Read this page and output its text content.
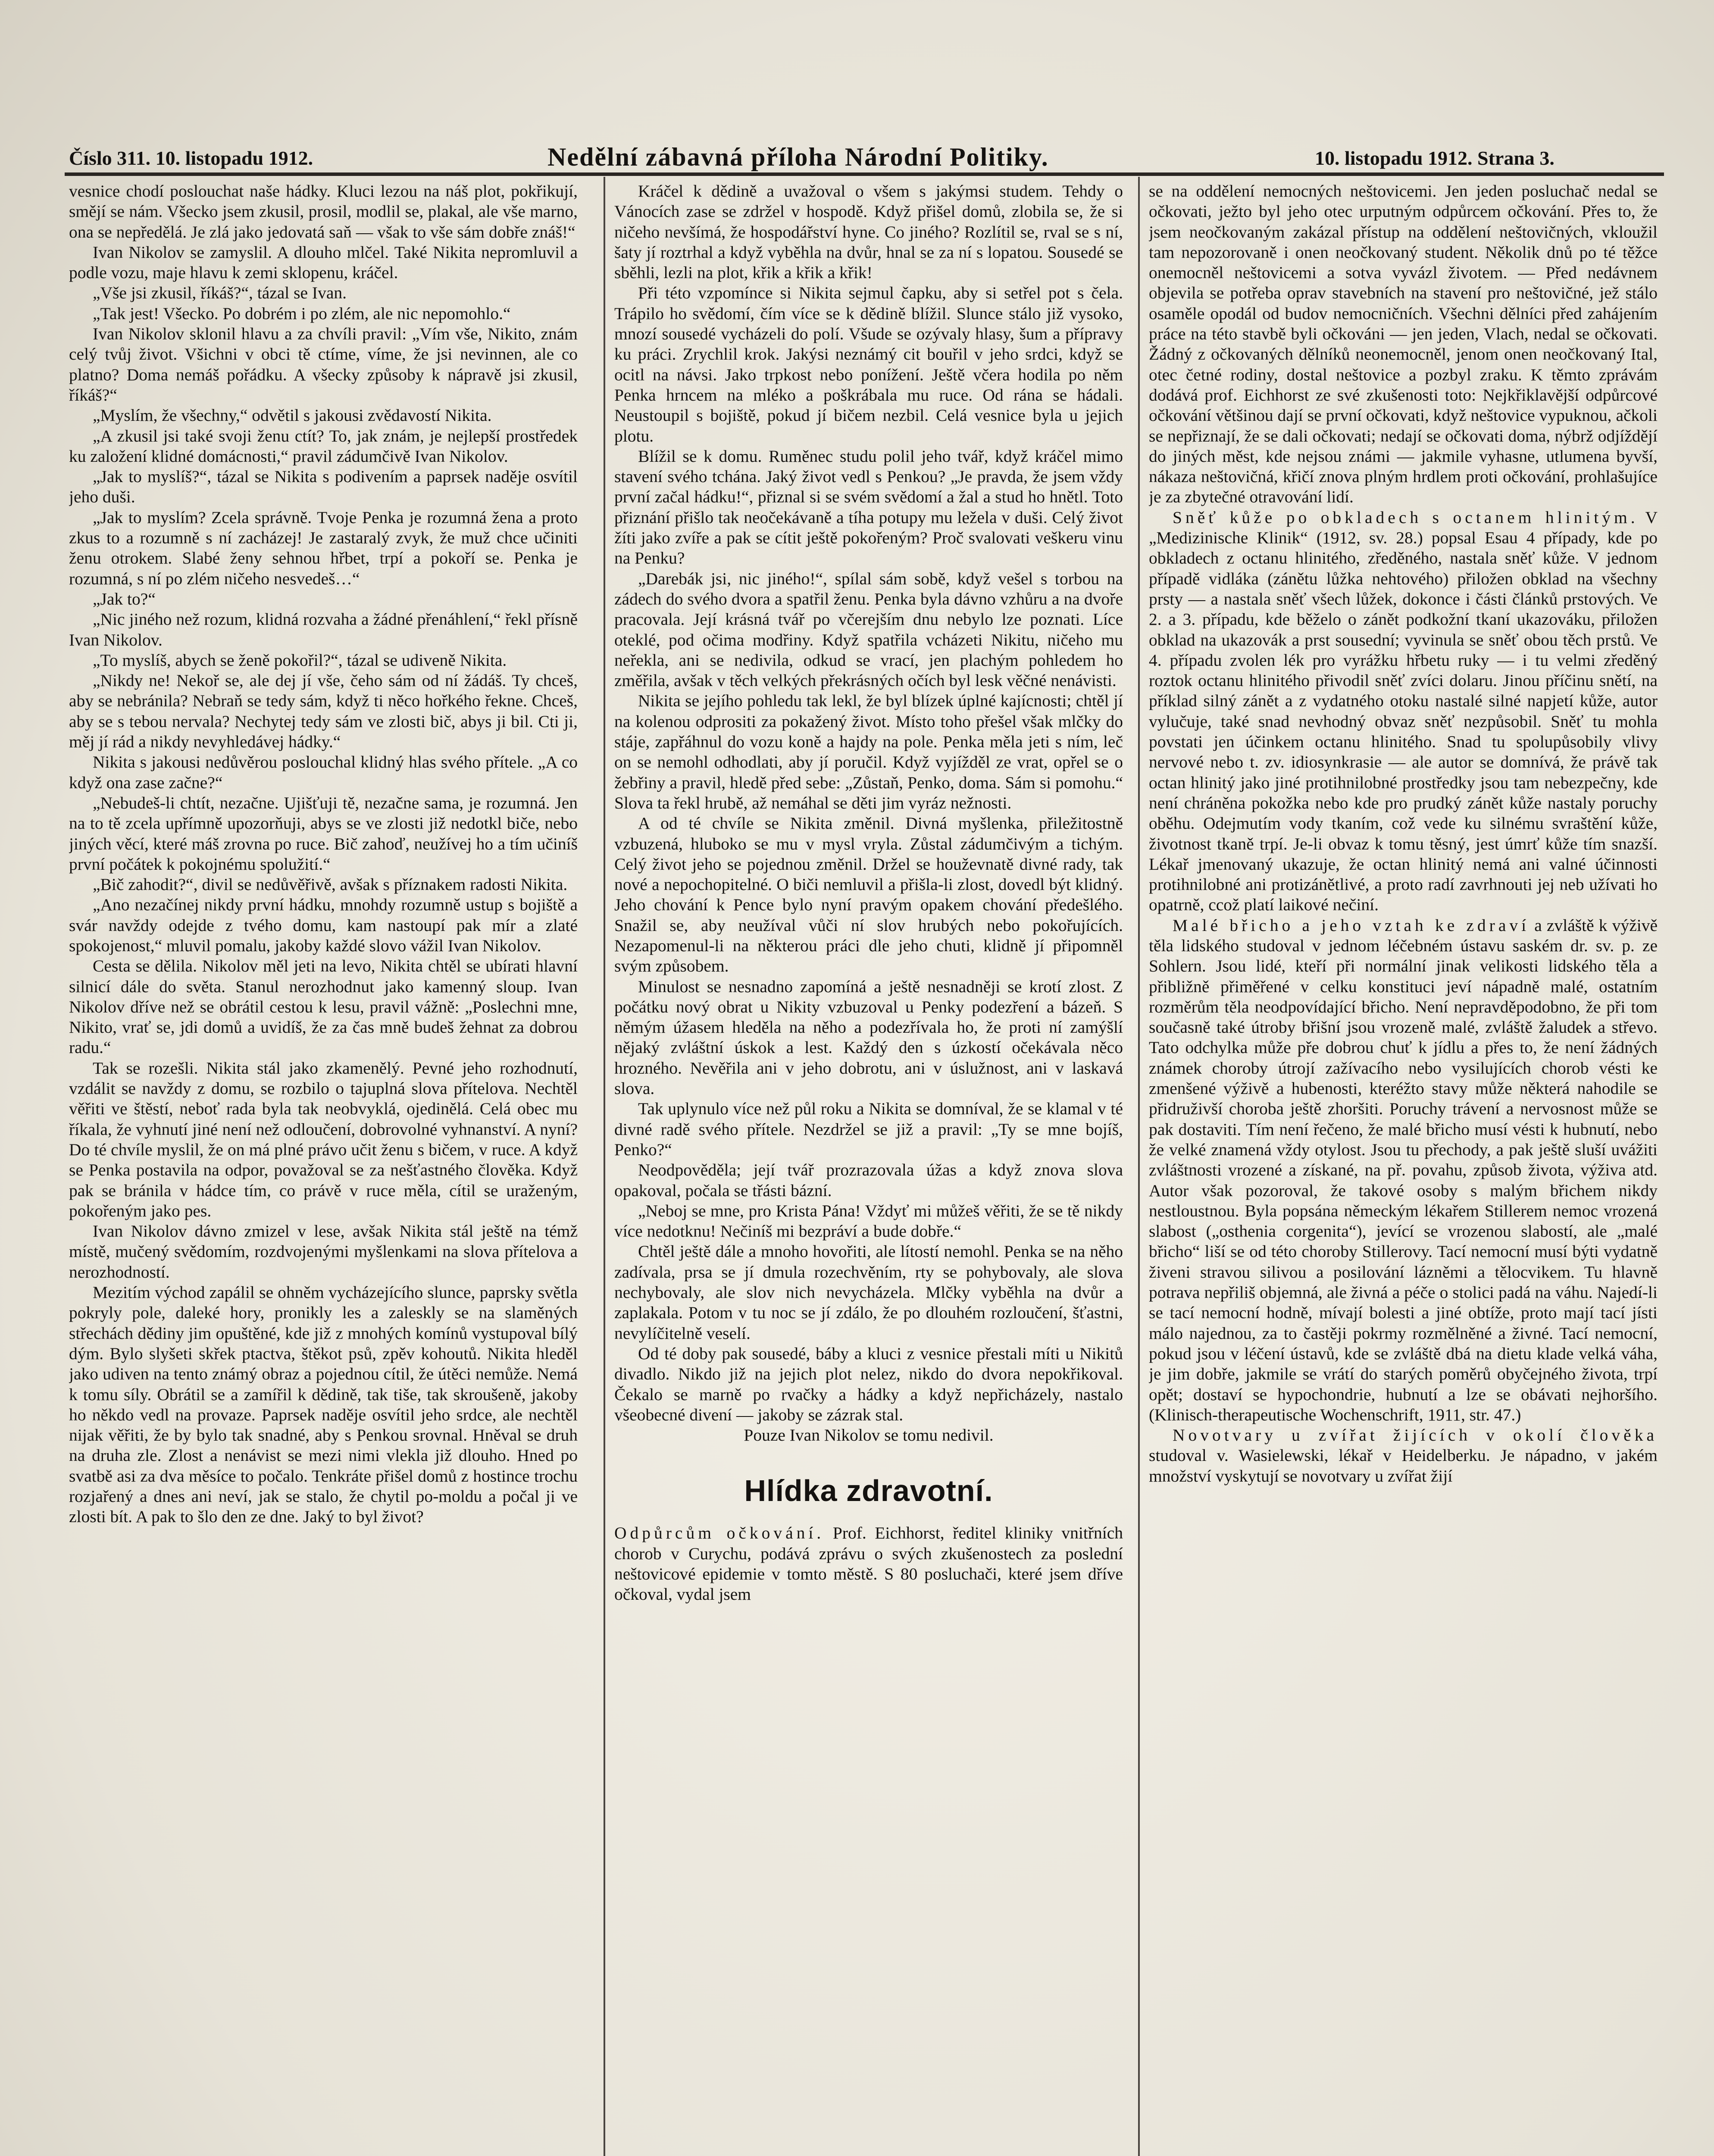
Číslo 311. 10. listopadu 1912.	Nedělní zábavná příloha Národní Politiky.	10. listopadu 1912. Strana 3.

vesnice chodí poslouchat naše hádky. Kluci lezou na náš plot, pokřikují, smějí se nám. Všecko jsem zkusil, prosil, modlil se, plakal, ale vše marno, ona se nepředělá. Je zlá jako jedovatá saň — však to vše sám dobře znáš!“

Ivan Nikolov se zamyslil. A dlouho mlčel. Také Nikita nepromluvil a podle vozu, maje hlavu k zemi sklopenu, kráčel.

„Vše jsi zkusil, říkáš?“, tázal se Ivan.

„Tak jest! Všecko. Po dobrém i po zlém, ale nic nepomohlo.“

Ivan Nikolov sklonil hlavu a za chvíli pravil: „Vím vše, Nikito, znám celý tvůj život. Všichni v obci tě ctíme, víme, že jsi nevinnen, ale co platno? Doma nemáš pořádku. A všecky způsoby k nápravě jsi zkusil, říkáš?“

„Myslím, že všechny,“ odvětil s jakousi zvědavostí Nikita.

„A zkusil jsi také svoji ženu ctít? To, jak znám, je nejlepší prostředek ku založení klidné domácnosti,“ pravil zádumčivě Ivan Nikolov.

„Jak to myslíš?“, tázal se Nikita s podivením a paprsek naděje osvítil jeho duši.

„Jak to myslím? Zcela správně. Tvoje Penka je rozumná žena a proto zkus to a rozumně s ní zacházej! Je zastaralý zvyk, že muž chce učiniti ženu otrokem. Slabé ženy sehnou hřbet, trpí a pokoří se. Penka je rozumná, s ní po zlém ničeho nesvedeš…“

„Jak to?“

„Nic jiného než rozum, klidná rozvaha a žádné přenáhlení,“ řekl přísně Ivan Nikolov.

„To myslíš, abych se ženě pokořil?“, tázal se udiveně Nikita.

„Nikdy ne! Nekoř se, ale dej jí vše, čeho sám od ní žádáš. Ty chceš, aby se nebránila? Nebraň se tedy sám, když ti něco hořkého řekne. Chceš, aby se s tebou nervala? Nechytej tedy sám ve zlosti bič, abys ji bil. Cti ji, měj jí rád a nikdy nevyhledávej hádky.“

Nikita s jakousi nedůvěrou poslouchal klidný hlas svého přítele. „A co když ona zase začne?“

„Nebudeš-li chtít, nezačne. Ujišťuji tě, nezačne sama, je rozumná. Jen na to tě zcela upřímně upozorňuji, abys se ve zlosti již nedotkl biče, nebo jiných věcí, které máš zrovna po ruce. Bič zahoď, neužívej ho a tím učiníš první počátek k pokojnému spolužití.“

„Bič zahodit?“, divil se nedůvěřivě, avšak s příznakem radosti Nikita.

„Ano nezačínej nikdy první hádku, mnohdy rozumně ustup s bojiště a svár navždy odejde z tvého domu, kam nastoupí pak mír a zlaté spokojenost,“ mluvil pomalu, jakoby každé slovo vážil Ivan Nikolov.

Cesta se dělila. Nikolov měl jeti na levo, Nikita chtěl se ubírati hlavní silnicí dále do světa. Stanul nerozhodnut jako kamenný sloup. Ivan Nikolov dříve než se obrátil cestou k lesu, pravil vážně: „Poslechni mne, Nikito, vrať se, jdi domů a uvidíš, že za čas mně budeš žehnat za dobrou radu.“

Tak se rozešli. Nikita stál jako zkamenělý. Pevné jeho rozhodnutí, vzdálit se navždy z domu, se rozbilo o tajuplná slova přítelova. Nechtěl věřiti ve štěstí, neboť rada byla tak neobvyklá, ojedinělá. Celá obec mu říkala, že vyhnutí jiné není než odloučení, dobrovolné vyhnanství. A nyní? Do té chvíle myslil, že on má plné právo učit ženu s bičem, v ruce. A když se Penka postavila na odpor, považoval se za nešťastného člověka. Když pak se bránila v hádce tím, co právě v ruce měla, cítil se uraženým, pokořeným jako pes.

Ivan Nikolov dávno zmizel v lese, avšak Nikita stál ještě na témž místě, mučený svědomím, rozdvojenými myšlenkami na slova přítelova a nerozhodností.

Mezitím východ zapálil se ohněm vycházejícího slunce, paprsky světla pokryly pole, daleké hory, pronikly les a zaleskly se na slaměných střechách dědiny jim opuštěné, kde již z mnohých komínů vystupoval bílý dým. Bylo slyšeti skřek ptactva, štěkot psů, zpěv kohoutů. Nikita hleděl jako udiven na tento známý obraz a pojednou cítil, že útěci nemůže. Nemá k tomu síly. Obrátil se a zamířil k dědině, tak tiše, tak skroušeně, jakoby ho někdo vedl na provaze. Paprsek naděje osvítil jeho srdce, ale nechtěl nijak věřiti, že by bylo tak snadné, aby s Penkou srovnal. Hněval se druh na druha zle. Zlost a nenávist se mezi nimi vlekla již dlouho. Hned po svatbě asi za dva měsíce to počalo. Tenkráte přišel domů z hostince trochu rozjařený a dnes ani neví, jak se stalo, že chytil po-moldu a počal ji ve zlosti bít. A pak to šlo den ze dne. Jaký to byl život?

Kráčel k dědině a uvažoval o všem s jakýmsi studem. Tehdy o Vánocích zase se zdržel v hospodě. Když přišel domů, zlobila se, že si ničeho nevšímá, že hospodářství hyne. Co jiného? Rozlítil se, rval se s ní, šaty jí roztrhal a když vyběhla na dvůr, hnal se za ní s lopatou. Sousedé se sběhli, lezli na plot, křik a křik a křik!

Při této vzpomínce si Nikita sejmul čapku, aby si setřel pot s čela. Trápilo ho svědomí, čím více se k dědině blížil. Slunce stálo již vysoko, mnozí sousedé vycházeli do polí. Všude se ozývaly hlasy, šum a přípravy ku práci. Zrychlil krok. Jakýsi neznámý cit bouřil v jeho srdci, když se ocitl na návsi. Jako trpkost nebo ponížení. Ještě včera hodila po něm Penka hrncem na mléko a poškrábala mu ruce. Od rána se hádali. Neustoupil s bojiště, pokud jí bičem nezbil. Celá vesnice byla u jejich plotu.

Blížil se k domu. Ruměnec studu polil jeho tvář, když kráčel mimo stavení svého tchána. Jaký život vedl s Penkou? „Je pravda, že jsem vždy první začal hádku!“, přiznal si se svém svědomí a žal a stud ho hnětl. Toto přiznání přišlo tak neočekávaně a tíha potupy mu ležela v duši. Celý život žíti jako zvíře a pak se cítit ještě pokořeným? Proč svalovati veškeru vinu na Penku?

„Darebák jsi, nic jiného!“, spílal sám sobě, když vešel s torbou na zádech do svého dvora a spatřil ženu. Penka byla dávno vzhůru a na dvoře pracovala. Její krásná tvář po včerejším dnu nebylo lze poznati. Líce oteklé, pod očima modřiny. Když spatřila vcházeti Nikitu, ničeho mu neřekla, ani se nedivila, odkud se vrací, jen plachým pohledem ho změřila, avšak v těch velkých překrásných očích byl lesk věčné nenávisti.

Nikita se jejího pohledu tak lekl, že byl blízek úplné kajícnosti; chtěl jí na kolenou odprositi za pokažený život. Místo toho přešel však mlčky do stáje, zapřáhnul do vozu koně a hajdy na pole. Penka měla jeti s ním, leč on se nemohl odhodlati, aby jí poručil. Když vyjížděl ze vrat, opřel se o žebřiny a pravil, hledě před sebe: „Zůstaň, Penko, doma. Sám si pomohu.“ Slova ta řekl hrubě, až nemáhal se děti jim vyráz nežnosti.

A od té chvíle se Nikita změnil. Divná myšlenka, přiležitostně vzbuzená, hluboko se mu v mysl vryla. Zůstal zádumčivým a tichým. Celý život jeho se pojednou změnil. Držel se houževnatě divné rady, tak nové a nepochopitelné. O biči nemluvil a přišla-li zlost, dovedl být klidný. Jeho chování k Pence bylo nyní pravým opakem chování předešlého. Snažil se, aby neužíval vůči ní slov hrubých nebo pokořujících. Nezapomenul-li na některou práci dle jeho chuti, klidně jí připomněl svým způsobem.

Minulost se nesnadno zapomíná a ještě nesnadněji se krotí zlost. Z počátku nový obrat u Nikity vzbuzoval u Penky podezření a bázeň. S němým úžasem hleděla na něho a podezřívala ho, že proti ní zamýšlí nějaký zvláštní úskok a lest. Každý den s úzkostí očekávala něco hrozného. Nevěřila ani v jeho dobrotu, ani v úslužnost, ani v laskavá slova.

Tak uplynulo více než půl roku a Nikita se domníval, že se klamal v té divné radě svého přítele. Nezdržel se již a pravil: „Ty se mne bojíš, Penko?“

Neodpověděla; její tvář prozrazovala úžas a když znova slova opakoval, počala se třásti bázní.

„Neboj se mne, pro Krista Pána! Vždyť mi můžeš věřiti, že se tě nikdy více nedotknu! Nečiníš mi bezpráví a bude dobře.“

Chtěl ještě dále a mnoho hovořiti, ale lítostí nemohl. Penka se na něho zadívala, prsa se jí dmula rozechvěním, rty se pohybovaly, ale slova nechybovaly, ale slov nich nevycházela. Mlčky vyběhla na dvůr a zaplakala. Potom v tu noc se jí zdálo, že po dlouhém rozloučení, šťastni, nevylíčitelně veselí.

Od té doby pak sousedé, báby a kluci z vesnice přestali míti u Nikitů divadlo. Nikdo již na jejich plot nelez, nikdo do dvora nepokřikoval. Čekalo se marně po rvačky a hádky a když nepřicházely, nastalo všeobecné divení — jakoby se zázrak stal.

Pouze Ivan Nikolov se tomu nedivil.

Hlídka zdravotní.

Odpůrcům očkování. Prof. Eichhorst, ředitel kliniky vnitřních chorob v Curychu, podává zprávu o svých zkušenostech za poslední neštovicové epidemie v tomto městě. S 80 posluchači, které jsem dříve očkoval, vydal jsem

se na oddělení nemocných neštovicemi. Jen jeden posluchač nedal se očkovati, ježto byl jeho otec urputným odpůrcem očkování. Přes to, že jsem neočkovaným zakázal přístup na oddělení neštovičných, vkloužil tam nepozorovaně i onen neočkovaný student. Několik dnů po té těžce onemocněl neštovicemi a sotva vyvázl životem. — Před nedávnem objevila se potřeba oprav stavebních na stavení pro neštovičné, jež stálo osaměle opodál od budov nemocničních. Všechni dělníci před zahájením práce na této stavbě byli očkováni — jen jeden, Vlach, nedal se očkovati. Žádný z očkovaných dělníků neonemocněl, jenom onen neočkovaný Ital, otec četné rodiny, dostal neštovice a pozbyl zraku. K těmto zprávám dodává prof. Eichhorst ze své zkušenosti toto: Nejkřiklavější odpůrcové očkování většinou dají se první očkovati, když neštovice vypuknou, ačkoli se nepřiznají, že se dali očkovati; nedají se očkovati doma, nýbrž odjíždějí do jiných měst, kde nejsou známi — jakmile vyhasne, utlumena byvší, nákaza neštovičná, křičí znova plným hrdlem proti očkování, prohlašujíce je za zbytečné otravování lidí.

Sněť kůže po obkladech s octanem hlinitým. V „Medizinische Klinik“ (1912, sv. 28.) popsal Esau 4 případy, kde po obkladech z octanu hlinitého, zředěného, nastala sněť kůže. V jednom případě vidláka (zánětu lůžka nehtového) přiložen obklad na všechny prsty — a nastala sněť všech lůžek, dokonce i části článků prstových. Ve 2. a 3. případu, kde běželo o zánět podkožní tkaní ukazováku, přiložen obklad na ukazovák a prst sousední; vyvinula se sněť obou těch prstů. Ve 4. případu zvolen lék pro vyrážku hřbetu ruky — i tu velmi zředěný roztok octanu hlinitého přivodil sněť zvíci dolaru. Jinou příčinu snětí, na příklad silný zánět a z vydatného otoku nastalé silné napjetí kůže, autor vylučuje, také snad nevhodný obvaz sněť nezpůsobil. Sněť tu mohla povstati jen účinkem octanu hlinitého. Snad tu spolupůsobily vlivy nervové nebo t. zv. idiosynkrasie — ale autor se domnívá, že právě tak octan hlinitý jako jiné protihnilobné prostředky jsou tam nebezpečny, kde není chráněna pokožka nebo kde pro prudký zánět kůže nastaly poruchy oběhu. Odejmutím vody tkaním, což vede ku silnému svraštění kůže, životnost tkaně trpí. Je-li obvaz k tomu těsný, jest úmrť kůže tím snazší. Lékař jmenovaný ukazuje, že octan hlinitý nemá ani valné účinnosti protihnilobné ani protizánětlivé, a proto radí zavrhnouti jej neb užívati ho opatrně, ccož platí laikové nečiní.

Malé břicho a jeho vztah ke zdraví a zvláště k výživě těla lidského studoval v jednom léčebném ústavu saském dr. sv. p. ze Sohlern. Jsou lidé, kteří při normální jinak velikosti lidského těla a přibližně přiměřené v celku konstituci jeví nápadně malé, ostatním rozměrům těla neodpovídající břicho. Není nepravděpodobno, že při tom současně také útroby břišní jsou vrozeně malé, zvláště žaludek a střevo. Tato odchylka může pře dobrou chuť k jídlu a přes to, že není žádných známek choroby útrojí zažívacího nebo vysilujících chorob vésti ke zmenšené výživě a hubenosti, kteréžto stavy může některá nahodile se přidruživší choroba ještě zhoršiti. Poruchy trávení a nervosnost může se pak dostaviti. Tím není řečeno, že malé břicho musí vésti k hubnutí, nebo že velké znamená vždy otylost. Jsou tu přechody, a pak ještě sluší uvážiti zvláštnosti vrozené a získané, na př. povahu, způsob života, výživa atd. Autor však pozoroval, že takové osoby s malým břichem nikdy nestloustnou. Byla popsána německým lékařem Stillerem nemoc vrozená slabost („osthenia corgenita“), jevící se vrozenou slabostí, ale „malé břicho“ liší se od této choroby Stillerovy. Tací nemocní musí býti vydatně živeni stravou silivou a posilování lázněmi a tělocvikem. Tu hlavně potrava nepřiliš objemná, ale živná a péče o stolici padá na váhu. Najedí-li se tací nemocní hodně, mívají bolesti a jiné obtíže, proto mají tací jísti málo najednou, za to častěji pokrmy rozmělněné a živné. Tací nemocní, pokud jsou v léčení ústavů, kde se zvláště dbá na dietu klade velká váha, je jim dobře, jakmile se vrátí do starých poměrů obyčejného života, trpí opět; dostaví se hypochondrie, hubnutí a lze se obávati nejhoršího. (Klinisch-therapeutische Wochenschrift, 1911, str. 47.)

Novotvary u zvířat žijících v okolí člověka studoval v. Wasielewski, lékař v Heidelberku. Je nápadno, v jakém množství vyskytují se novotvary u zvířat žijí
